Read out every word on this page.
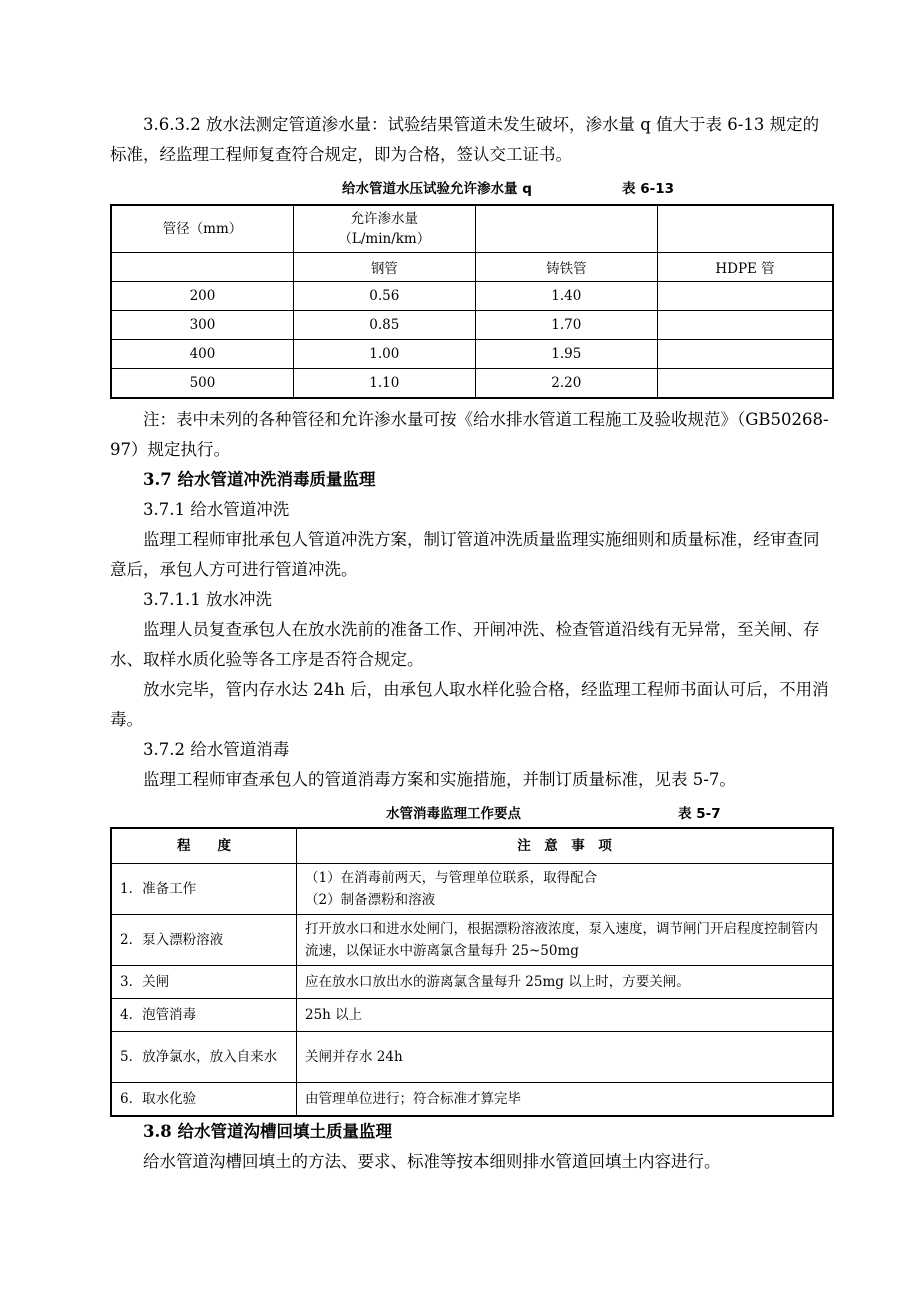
3.6.3.2 放水法测定管道渗水量：试验结果管道未发生破坏，渗水量 q 值大于表 6-13 规定的标准，经监理工程师复查符合规定，即为合格，签认交工证书。

给水管道水压试验允许渗水量 q	表 6-13
管径（mm）	允许渗水量
（L/min/km）		

	钢管	铸铁管	HDPE 管
200	0.56	1.40	
300	0.85	1.70	
400	1.00	1.95	
500	1.10	2.20	

注：表中未列的各种管径和允许渗水量可按《给水排水管道工程施工及验收规范》（GB50268-97）规定执行。

3.7 给水管道冲洗消毒质量监理

3.7.1 给水管道冲洗

监理工程师审批承包人管道冲洗方案，制订管道冲洗质量监理实施细则和质量标准，经审查同意后，承包人方可进行管道冲洗。

3.7.1.1 放水冲洗

监理人员复查承包人在放水洗前的准备工作、开闸冲洗、检查管道沿线有无异常，至关闸、存水、取样水质化验等各工序是否符合规定。

放水完毕，管内存水达 24h 后，由承包人取水样化验合格，经监理工程师书面认可后，不用消毒。

3.7.2 给水管道消毒

监理工程师审查承包人的管道消毒方案和实施措施，并制订质量标准，见表 5-7。

水管消毒监理工作要点	表 5-7
程　　度	注　意　事　项
1．准备工作	（1）在消毒前两天，与管理单位联系，取得配合
（2）制备漂粉和溶液

2．泵入漂粉溶液	打开放水口和进水处闸门，根据漂粉溶液浓度，泵入速度，调节闸门开启程度控制管内流速，以保证水中游离氯含量每升 25~50mg
3．关闸	应在放水口放出水的游离氯含量每升 25mg 以上时，方要关闸。
4．泡管消毒	25h 以上
5．放净氯水，放入自来水	关闸并存水 24h
6．取水化验	由管理单位进行；符合标准才算完毕

3.8 给水管道沟槽回填土质量监理

给水管道沟槽回填土的方法、要求、标准等按本细则排水管道回填土内容进行。
